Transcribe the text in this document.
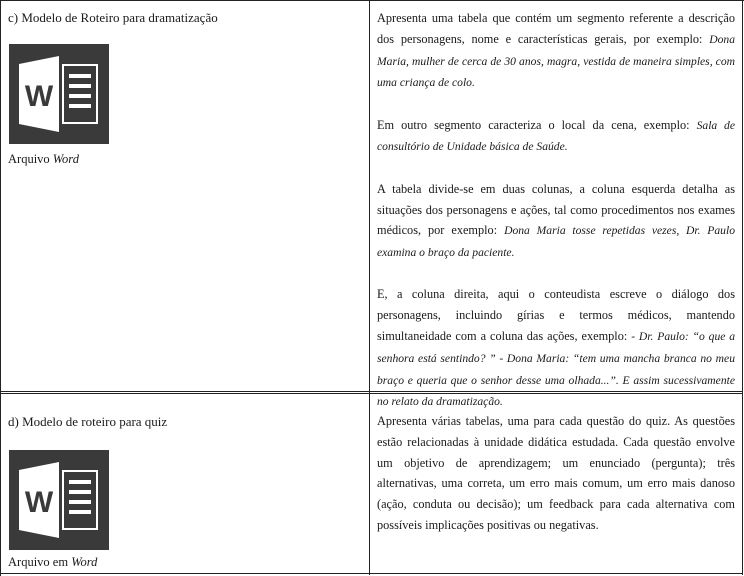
c) Modelo de Roteiro para dramatização
W
Arquivo Word

Apresenta uma tabela que contém um segmento referente a descrição dos personagens, nome e características gerais, por exemplo: Dona Maria, mulher de cerca de 30 anos, magra, vestida de maneira simples, com uma criança de colo.

Em outro segmento caracteriza o local da cena, exemplo: Sala de consultório de Unidade básica de Saúde.

A tabela divide-se em duas colunas, a coluna esquerda detalha as situações dos personagens e ações, tal como procedimentos nos exames médicos, por exemplo: Dona Maria tosse repetidas vezes, Dr. Paulo examina o braço da paciente.

E, a coluna direita, aqui o conteudista escreve o diálogo dos personagens, incluindo gírias e termos médicos, mantendo simultaneidade com a coluna das ações, exemplo: - Dr. Paulo: “o que a senhora está sentindo? ” - Dona Maria: “tem uma mancha branca no meu braço e queria que o senhor desse uma olhada...”. E assim sucessivamente no relato da dramatização.

d) Modelo de roteiro para quiz
W
Arquivo em Word

Apresenta várias tabelas, uma para cada questão do quiz. As questões estão relacionadas à unidade didática estudada. Cada questão envolve um objetivo de aprendizagem; um enunciado (pergunta); três alternativas, uma correta, um erro mais comum, um erro mais danoso (ação, conduta ou decisão); um feedback para cada alternativa com possíveis implicações positivas ou negativas.
